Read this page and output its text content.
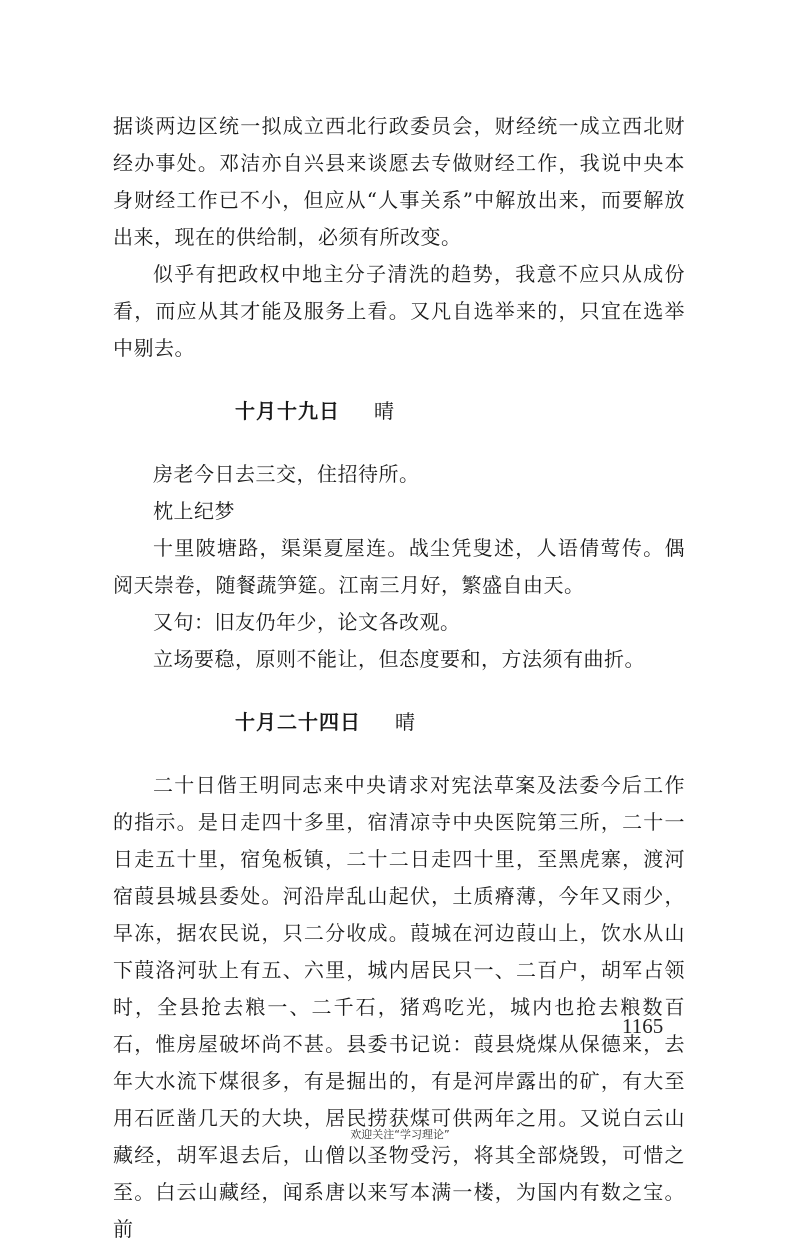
据谈两边区统一拟成立西北行政委员会，财经统一成立西北财经办事处。邓洁亦自兴县来谈愿去专做财经工作，我说中央本身财经工作已不小，但应从“人事关系”中解放出来，而要解放出来，现在的供给制，必须有所改变。

似乎有把政权中地主分子清洗的趋势，我意不应只从成份看，而应从其才能及服务上看。又凡自选举来的，只宜在选举中剔去。

十月十九日 晴

房老今日去三交，住招待所。

枕上纪梦

十里陂塘路，渠渠夏屋连。战尘凭叟述，人语倩莺传。偶阅天崇卷，随餐蔬笋筵。江南三月好，繁盛自由天。

又句：旧友仍年少，论文各改观。

立场要稳，原则不能让，但态度要和，方法须有曲折。

十月二十四日 晴

二十日偕王明同志来中央请求对宪法草案及法委今后工作的指示。是日走四十多里，宿清凉寺中央医院第三所，二十一日走五十里，宿兔板镇，二十二日走四十里，至黑虎寨，渡河宿葭县城县委处。河沿岸乱山起伏，土质瘠薄，今年又雨少，早冻，据农民说，只二分收成。葭城在河边葭山上，饮水从山下葭洛河驮上有五、六里，城内居民只一、二百户，胡军占领时，全县抢去粮一、二千石，猪鸡吃光，城内也抢去粮数百石，惟房屋破坏尚不甚。县委书记说：葭县烧煤从保德来，去年大水流下煤很多，有是掘出的，有是河岸露出的矿，有大至用石匠凿几天的大块，居民捞获煤可供两年之用。又说白云山藏经，胡军退去后，山僧以圣物受污，将其全部烧毁，可惜之至。白云山藏经，闻系唐以来写本满一楼，为国内有数之宝。前

1165
欢迎关注“学习理论”
